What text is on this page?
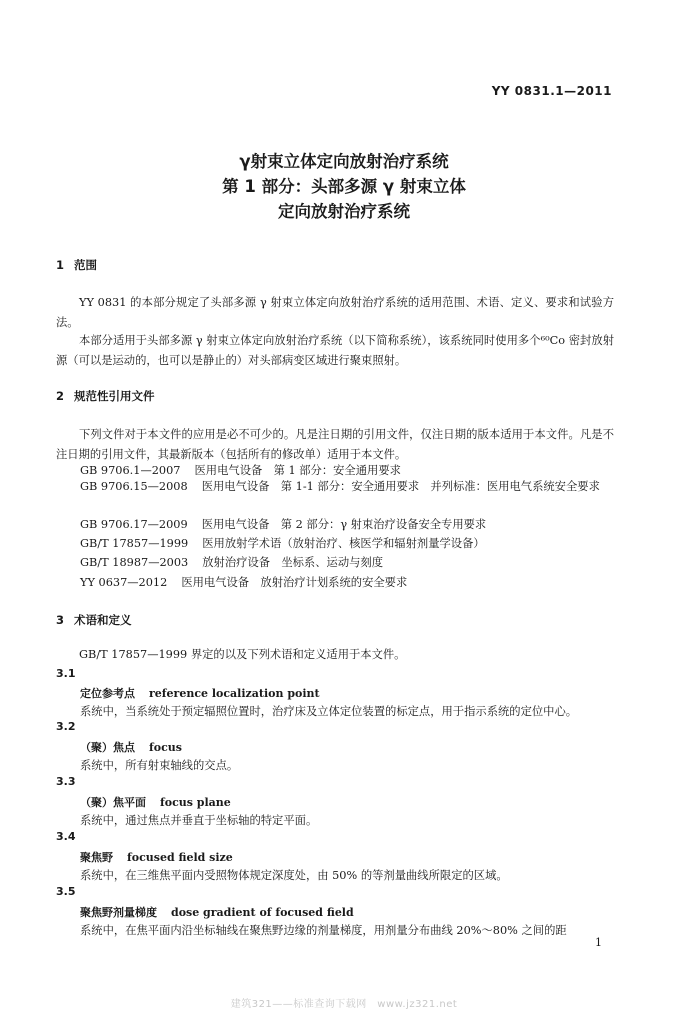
YY 0831.1—2011
γ射束立体定向放射治疗系统
第 1 部分：头部多源 γ 射束立体
定向放射治疗系统
1 范围

YY 0831 的本部分规定了头部多源 γ 射束立体定向放射治疗系统的适用范围、术语、定义、要求和试验方法。

本部分适用于头部多源 γ 射束立体定向放射治疗系统（以下简称系统），该系统同时使用多个⁶⁰Co 密封放射源（可以是运动的，也可以是静止的）对头部病变区域进行聚束照射。

2 规范性引用文件

下列文件对于本文件的应用是必不可少的。凡是注日期的引用文件，仅注日期的版本适用于本文件。凡是不注日期的引用文件，其最新版本（包括所有的修改单）适用于本文件。

GB 9706.1—2007 医用电气设备　第 1 部分：安全通用要求

GB 9706.15—2008 医用电气设备　第 1-1 部分：安全通用要求　并列标准：医用电气系统安全要求

GB 9706.17—2009 医用电气设备　第 2 部分：γ 射束治疗设备安全专用要求
GB/T 17857—1999 医用放射学术语（放射治疗、核医学和辐射剂量学设备）
GB/T 18987—2003 放射治疗设备　坐标系、运动与刻度
YY 0637—2012 医用电气设备　放射治疗计划系统的安全要求
3 术语和定义

GB/T 17857—1999 界定的以及下列术语和定义适用于本文件。

3.1
定位参考点 reference localization point
系统中，当系统处于预定辐照位置时，治疗床及立体定位装置的标定点，用于指示系统的定位中心。
3.2
（聚）焦点 focus
系统中，所有射束轴线的交点。
3.3
（聚）焦平面 focus plane
系统中，通过焦点并垂直于坐标轴的特定平面。
3.4
聚焦野 focused field size
系统中，在三维焦平面内受照物体规定深度处，由 50% 的等剂量曲线所限定的区域。
3.5
聚焦野剂量梯度 dose gradient of focused field
系统中，在焦平面内沿坐标轴线在聚焦野边缘的剂量梯度，用剂量分布曲线 20%～80% 之间的距
1
建筑321——标准查询下载网　www.jz321.net
